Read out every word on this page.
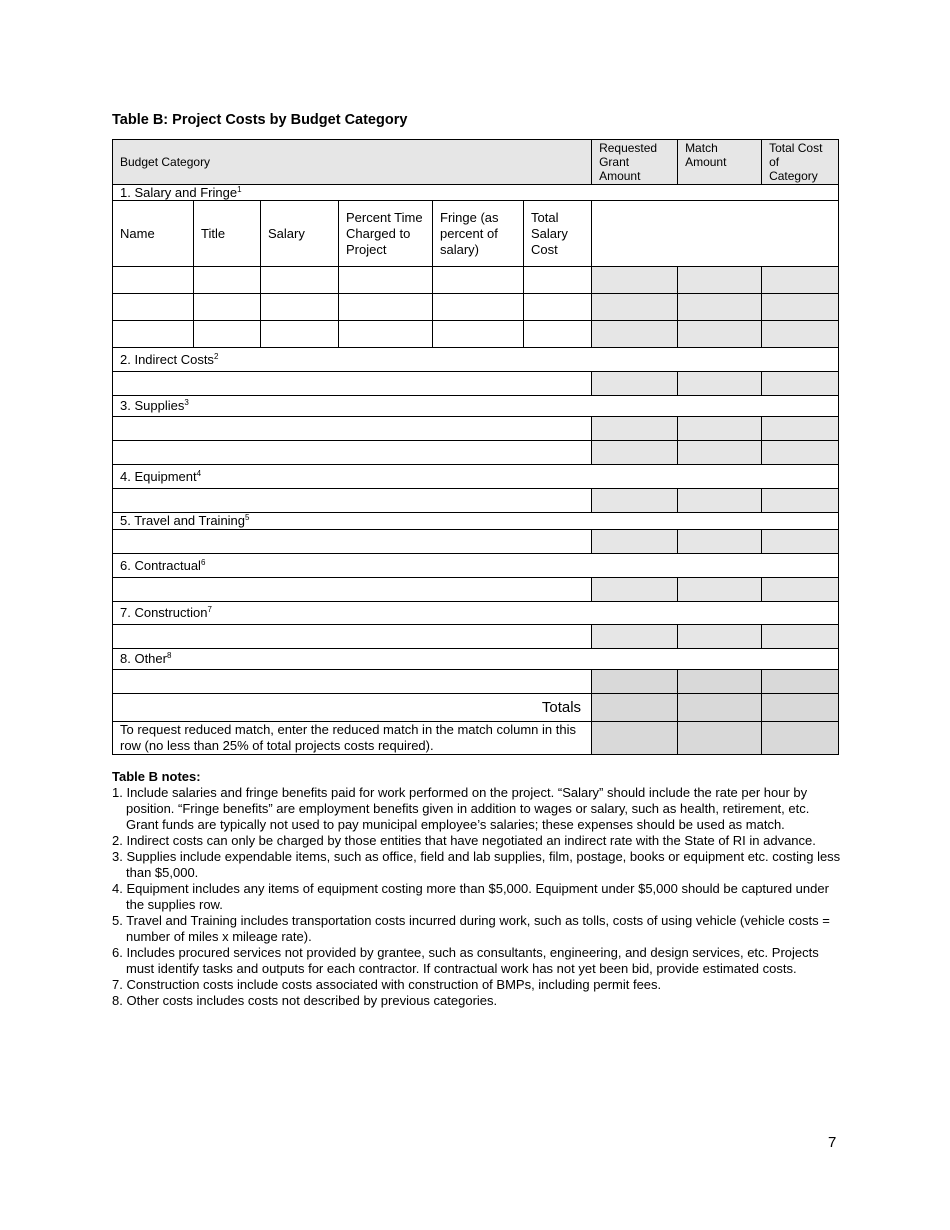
Table B: Project Costs by Budget Category
Budget Category						Requested Grant Amount	Match Amount	Total Cost of Category
1. Salary and Fringe$^1$
Name	Title	Salary	Percent Time Charged to Project	Fringe (as percent of salary)	Total Salary Cost			

2. Indirect Costs$^2$

3. Supplies$^3$

4. Equipment$^4$

5. Travel and Training$^5$

6. Contractual$^6$

7. Construction$^7$

8. Other$^8$

Totals								
To request reduced match, enter the reduced match in the match column in this row (no less than 25% of total projects costs required).								
Table B notes:
1. Include salaries and fringe benefits paid for work performed on the project. “Salary” should include the rate per hour by position. “Fringe benefits” are employment benefits given in addition to wages or salary, such as health, retirement, etc. Grant funds are typically not used to pay municipal employee’s salaries; these expenses should be used as match.
2. Indirect costs can only be charged by those entities that have negotiated an indirect rate with the State of RI in advance.
3. Supplies include expendable items, such as office, field and lab supplies, film, postage, books or equipment etc. costing less than $5,000.
4. Equipment includes any items of equipment costing more than $5,000. Equipment under $5,000 should be captured under the supplies row.
5. Travel and Training includes transportation costs incurred during work, such as tolls, costs of using vehicle (vehicle costs = number of miles x mileage rate).
6. Includes procured services not provided by grantee, such as consultants, engineering, and design services, etc. Projects must identify tasks and outputs for each contractor. If contractual work has not yet been bid, provide estimated costs.
7. Construction costs include costs associated with construction of BMPs, including permit fees.
8. Other costs includes costs not described by previous categories.
7
